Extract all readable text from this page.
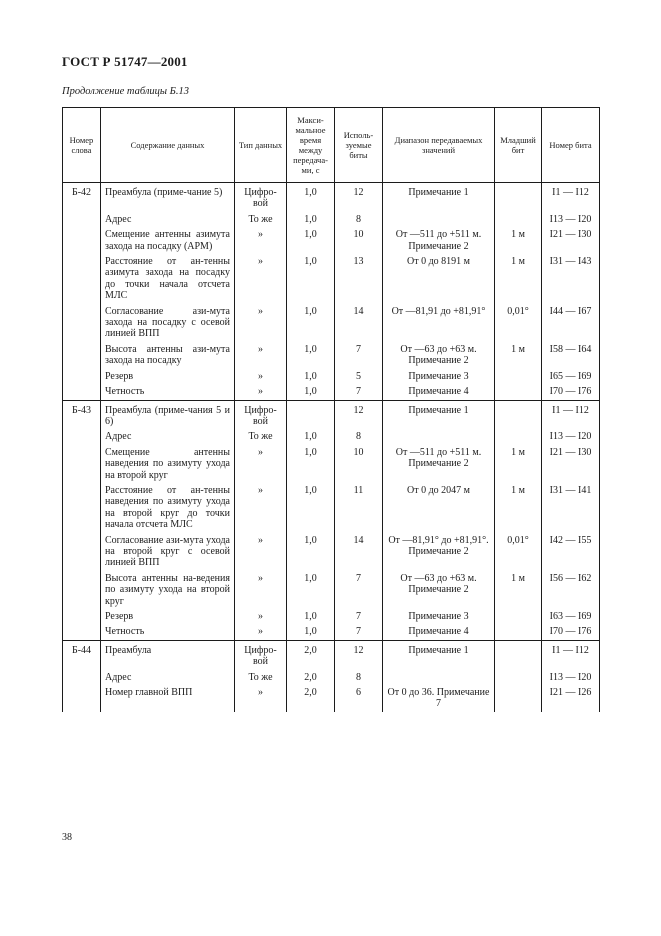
ГОСТ Р 51747—2001
Продолжение таблицы Б.13
Номер слова	Содержание данных	Тип данных	Макси-мальное время между передача-ми, с	Исполь-зуемые биты	Диапазон передаваемых значений	Младший бит	Номер бита
Б-42	Преамбула (приме-чание 5)	Цифро-вой	1,0	12	Примечание 1		I1 — I12
	Адрес	То же	1,0	8			I13 — I20
	Смещение антенны азимута захода на посадку (АРМ)	»	1,0	10	От —511 до +511 м. Примечание 2	1 м	I21 — I30
	Расстояние от ан-тенны азимута захода на посадку до точки начала отсчета МЛС	»	1,0	13	От 0 до 8191 м	1 м	I31 — I43
	Согласование ази-мута захода на посадку с осевой линией ВПП	»	1,0	14	От —81,91 до +81,91°	0,01°	I44 — I67
	Высота антенны ази-мута захода на посадку	»	1,0	7	От —63 до +63 м. Примечание 2	1 м	I58 — I64
	Резерв	»	1,0	5	Примечание 3		I65 — I69
	Четность	»	1,0	7	Примечание 4		I70 — I76
Б-43	Преамбула (приме-чания 5 и 6)	Цифро-вой		12	Примечание 1		I1 — I12
	Адрес	То же	1,0	8			I13 — I20
	Смещение антенны наведения по азимуту ухода на второй круг	»	1,0	10	От —511 до +511 м. Примечание 2	1 м	I21 — I30
	Расстояние от ан-тенны наведения по азимуту ухода на второй круг до точки начала отсчета МЛС	»	1,0	11	От 0 до 2047 м	1 м	I31 — I41
	Согласование ази-мута ухода на второй круг с осевой линией ВПП	»	1,0	14	От —81,91° до +81,91°. Примечание 2	0,01°	I42 — I55
	Высота антенны на-ведения по азимуту ухода на второй круг	»	1,0	7	От —63 до +63 м. Примечание 2	1 м	I56 — I62
	Резерв	»	1,0	7	Примечание 3		I63 — I69
	Четность	»	1,0	7	Примечание 4		I70 — I76
Б-44	Преамбула	Цифро-вой	2,0	12	Примечание 1		I1 — I12
	Адрес	То же	2,0	8			I13 — I20
	Номер главной ВПП	»	2,0	6	От 0 до 36. Примечание 7		I21 — I26
38
